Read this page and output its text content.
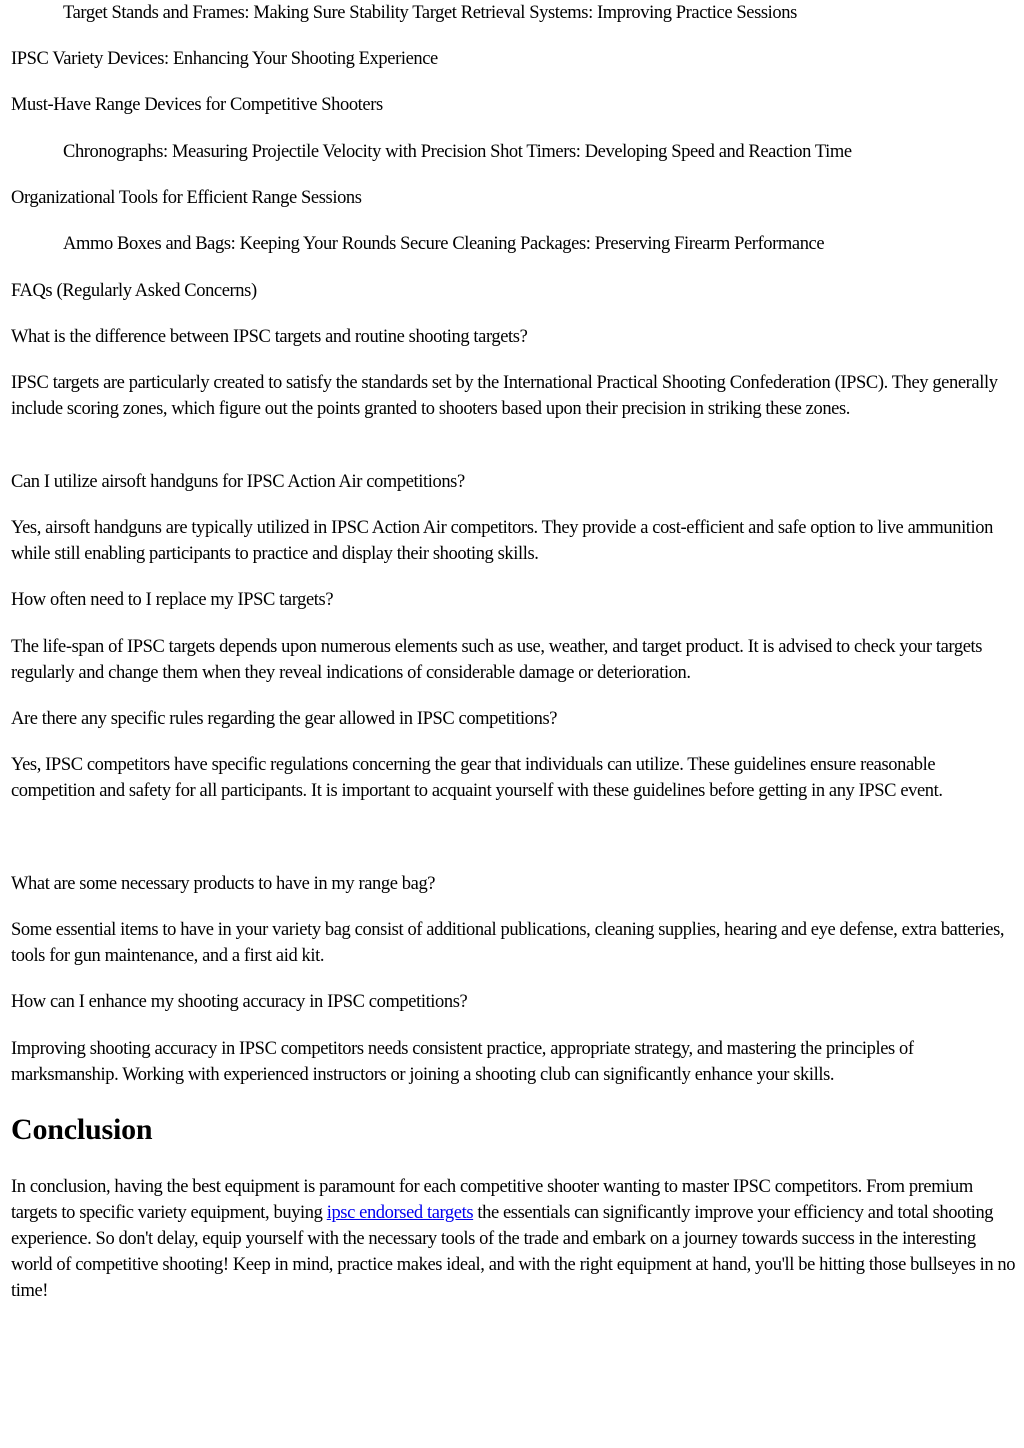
Target Stands and Frames: Making Sure Stability Target Retrieval Systems: Improving Practice Sessions
IPSC Variety Devices: Enhancing Your Shooting Experience
Must-Have Range Devices for Competitive Shooters
Chronographs: Measuring Projectile Velocity with Precision Shot Timers: Developing Speed and Reaction Time
Organizational Tools for Efficient Range Sessions
Ammo Boxes and Bags: Keeping Your Rounds Secure Cleaning Packages: Preserving Firearm Performance
FAQs (Regularly Asked Concerns)
What is the difference between IPSC targets and routine shooting targets?
IPSC targets are particularly created to satisfy the standards set by the International Practical Shooting Confederation (IPSC). They generally include scoring zones, which figure out the points granted to shooters based upon their precision in striking these zones.
Can I utilize airsoft handguns for IPSC Action Air competitions?
Yes, airsoft handguns are typically utilized in IPSC Action Air competitors. They provide a cost-efficient and safe option to live ammunition while still enabling participants to practice and display their shooting skills.
How often need to I replace my IPSC targets?
The life-span of IPSC targets depends upon numerous elements such as use, weather, and target product. It is advised to check your targets regularly and change them when they reveal indications of considerable damage or deterioration.
Are there any specific rules regarding the gear allowed in IPSC competitions?
Yes, IPSC competitors have specific regulations concerning the gear that individuals can utilize. These guidelines ensure reasonable competition and safety for all participants. It is important to acquaint yourself with these guidelines before getting in any IPSC event.
What are some necessary products to have in my range bag?
Some essential items to have in your variety bag consist of additional publications, cleaning supplies, hearing and eye defense, extra batteries, tools for gun maintenance, and a first aid kit.
How can I enhance my shooting accuracy in IPSC competitions?
Improving shooting accuracy in IPSC competitors needs consistent practice, appropriate strategy, and mastering the principles of marksmanship. Working with experienced instructors or joining a shooting club can significantly enhance your skills.
Conclusion
In conclusion, having the best equipment is paramount for each competitive shooter wanting to master IPSC competitors. From premium targets to specific variety equipment, buying ipsc endorsed targets the essentials can significantly improve your efficiency and total shooting experience. So don't delay, equip yourself with the necessary tools of the trade and embark on a journey towards success in the interesting world of competitive shooting! Keep in mind, practice makes ideal, and with the right equipment at hand, you'll be hitting those bullseyes in no time!
